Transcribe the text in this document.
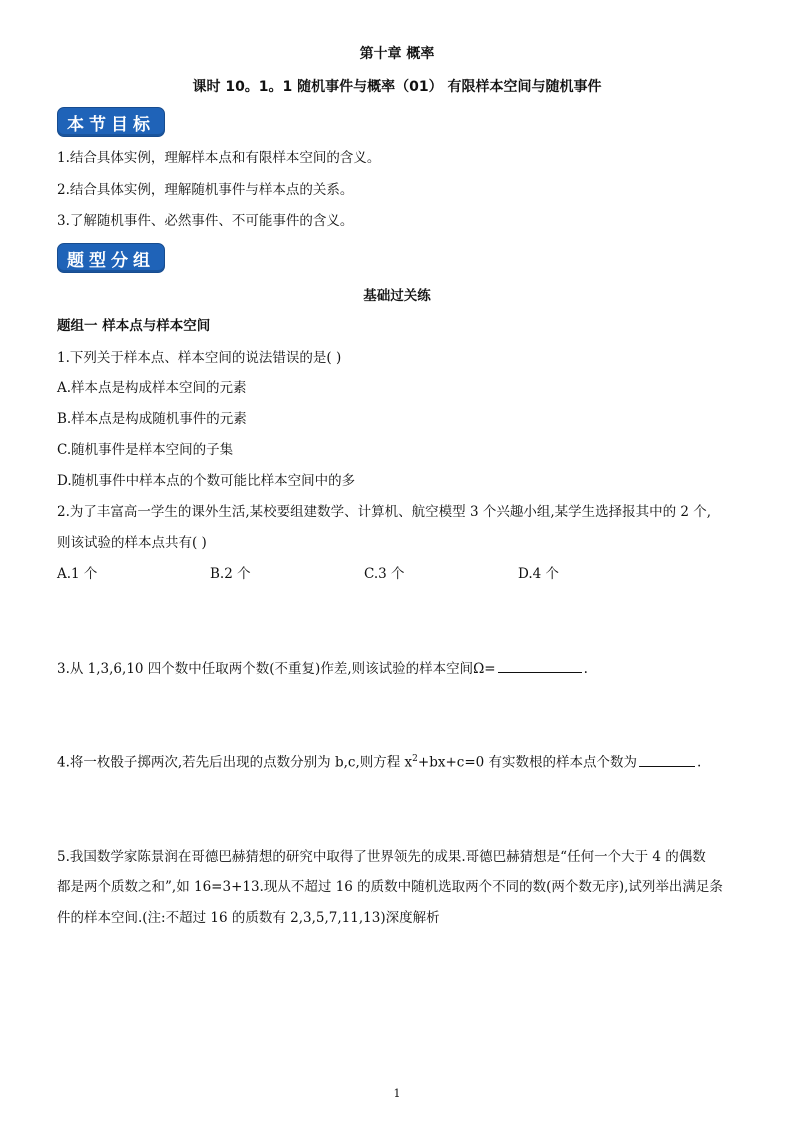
第十章 概率
课时 10。1。1 随机事件与概率（01） 有限样本空间与随机事件
本节目标
1.结合具体实例，理解样本点和有限样本空间的含义。
2.结合具体实例，理解随机事件与样本点的关系。
3.了解随机事件、必然事件、不可能事件的含义。
题型分组
基础过关练
题组一 样本点与样本空间
1.下列关于样本点、样本空间的说法错误的是( )
A.样本点是构成样本空间的元素
B.样本点是构成随机事件的元素
C.随机事件是样本空间的子集
D.随机事件中样本点的个数可能比样本空间中的多
2.为了丰富高一学生的课外生活,某校要组建数学、计算机、航空模型 3 个兴趣小组,某学生选择报其中的 2 个,
则该试验的样本点共有( )
A.1 个	B.2 个	C.3 个	D.4 个
3.从 1,3,6,10 四个数中任取两个数(不重复)作差,则该试验的样本空间Ω=	.
4.将一枚骰子掷两次,若先后出现的点数分别为 b,c,则方程 $x^2+bx+c=0$ 有实数根的样本点个数为	.
5.我国数学家陈景润在哥德巴赫猜想的研究中取得了世界领先的成果.哥德巴赫猜想是“任何一个大于 4 的偶数
都是两个质数之和”,如 16=3+13.现从不超过 16 的质数中随机选取两个不同的数(两个数无序),试列举出满足条
件的样本空间.(注:不超过 16 的质数有 2,3,5,7,11,13)深度解析
1
